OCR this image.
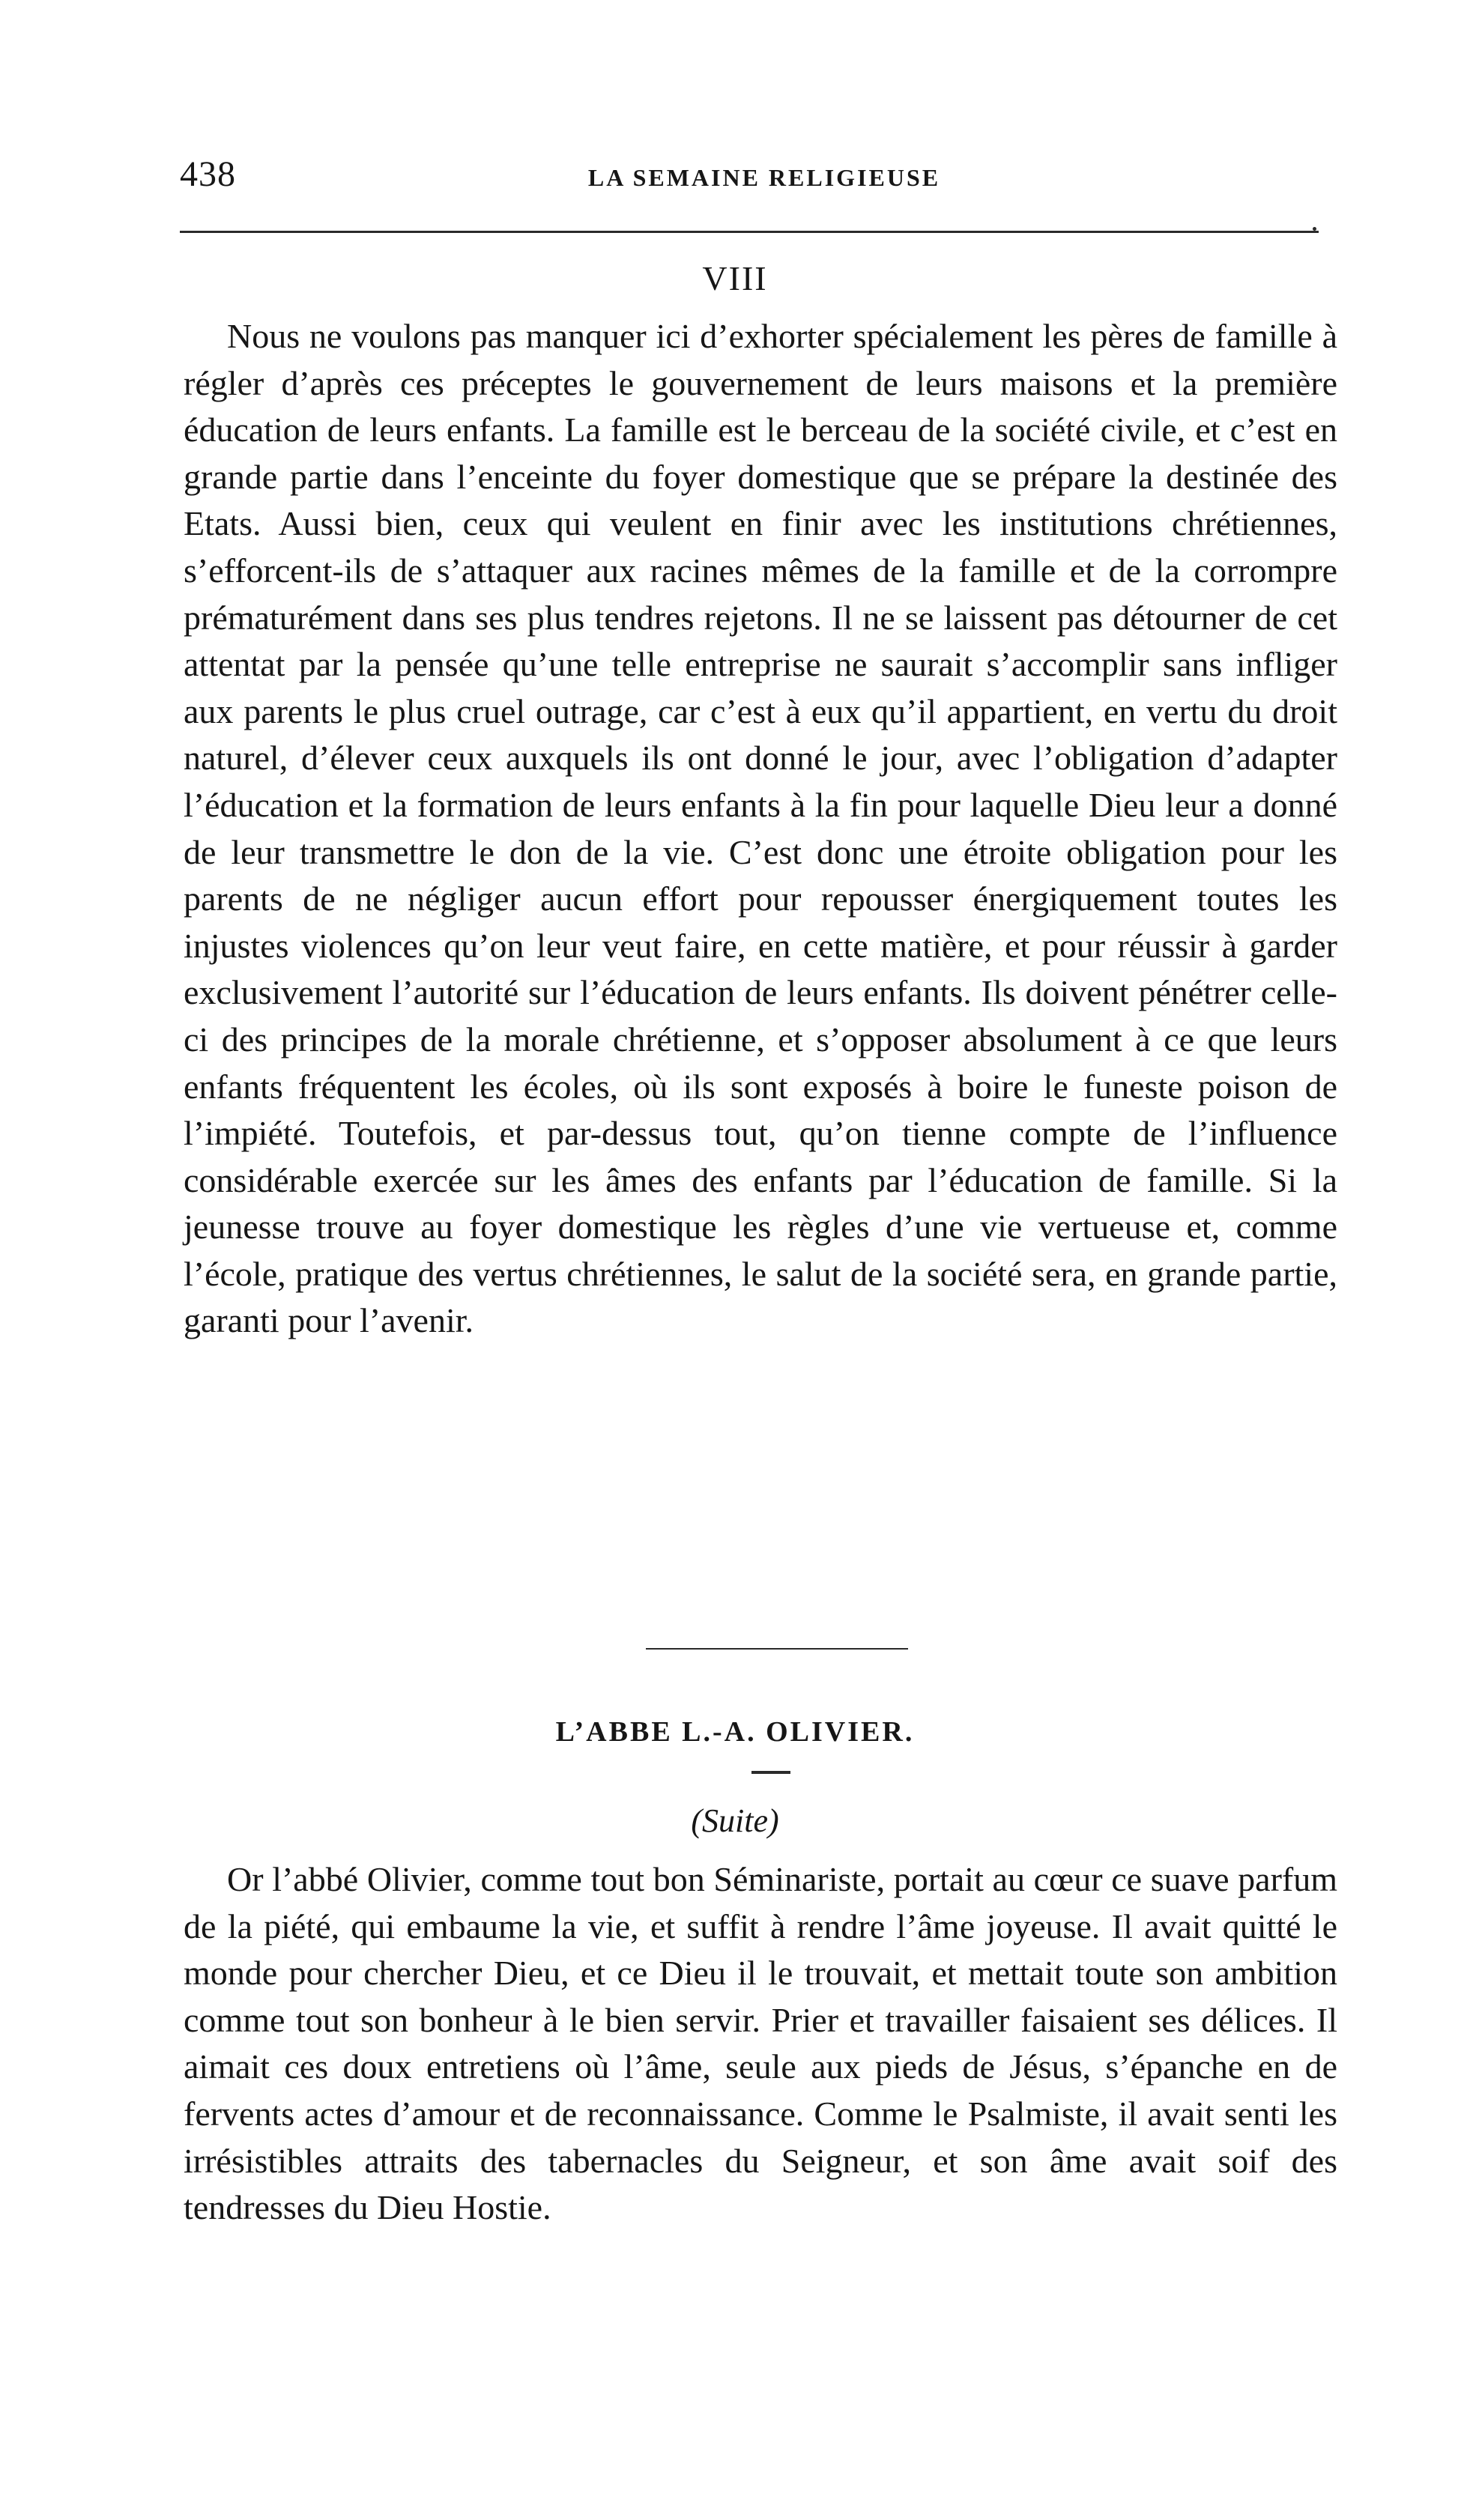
438	LA SEMAINE RELIGIEUSE
VIII

Nous ne voulons pas manquer ici d’exhorter spécialement les pères de famille à régler d’après ces préceptes le gouvernement de leurs maisons et la première éducation de leurs enfants. La famille est le berceau de la société civile, et c’est en grande partie dans l’enceinte du foyer domestique que se prépare la destinée des Etats. Aussi bien, ceux qui veulent en finir avec les institutions chrétiennes, s’efforcent-ils de s’attaquer aux racines mêmes de la famille et de la corrompre prématurément dans ses plus tendres rejetons. Il ne se laissent pas détourner de cet attentat par la pensée qu’une telle entreprise ne saurait s’accomplir sans infliger aux parents le plus cruel outrage, car c’est à eux qu’il appartient, en vertu du droit naturel, d’élever ceux auxquels ils ont donné le jour, avec l’obligation d’adapter l’éducation et la formation de leurs enfants à la fin pour laquelle Dieu leur a donné de leur transmettre le don de la vie. C’est donc une étroite obligation pour les parents de ne négliger aucun effort pour repousser énergiquement toutes les injustes violences qu’on leur veut faire, en cette matière, et pour réussir à garder exclusivement l’autorité sur l’éducation de leurs enfants. Ils doivent pénétrer celle-ci des principes de la morale chrétienne, et s’opposer absolument à ce que leurs enfants fréquentent les écoles, où ils sont exposés à boire le funeste poison de l’impiété. Toutefois, et par-dessus tout, qu’on tienne compte de l’influence considérable exercée sur les âmes des enfants par l’éducation de famille. Si la jeunesse trouve au foyer domestique les règles d’une vie vertueuse et, comme l’école, pratique des vertus chrétiennes, le salut de la société sera, en grande partie, garanti pour l’avenir.

L’ABBE L.-A. OLIVIER.
(Suite)

Or l’abbé Olivier, comme tout bon Séminariste, portait au cœur ce suave parfum de la piété, qui embaume la vie, et suffit à rendre l’âme joyeuse. Il avait quitté le monde pour chercher Dieu, et ce Dieu il le trouvait, et mettait toute son ambition comme tout son bonheur à le bien servir. Prier et travailler faisaient ses délices. Il aimait ces doux entretiens où l’âme, seule aux pieds de Jésus, s’épanche en de fervents actes d’amour et de reconnaissance. Comme le Psalmiste, il avait senti les irrésistibles attraits des tabernacles du Seigneur, et son âme avait soif des tendresses du Dieu Hostie.
